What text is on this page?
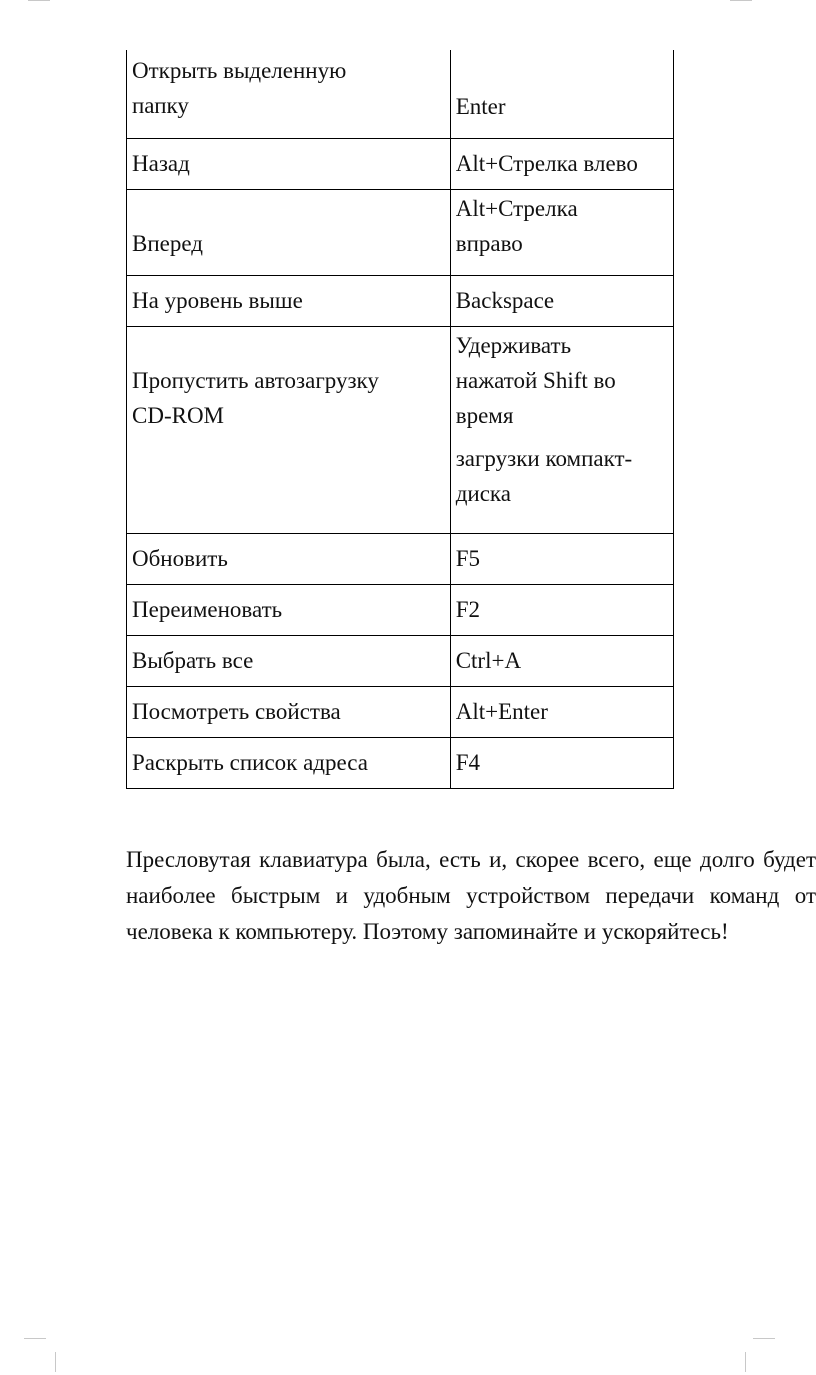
Открыть выделенную
папку	Enter

Назад	Alt+Стрелка влево

Вперед	Alt+Стрелка
вправо

На уровень выше	Backspace

Пропустить автозагрузку
CD-ROM	Удерживать
нажатой Shift во
время
загрузки компакт-
диска

Обновить	F5

Переименовать	F2

Выбрать все	Ctrl+A

Посмотреть свойства	Alt+Enter

Раскрыть список адреса	F4

Пресловутая клавиатура была, есть и, скорее всего, еще долго будет наиболее быстрым и удобным устройством передачи команд от человека к компьютеру. Поэтому запоминайте и ускоряйтесь!
